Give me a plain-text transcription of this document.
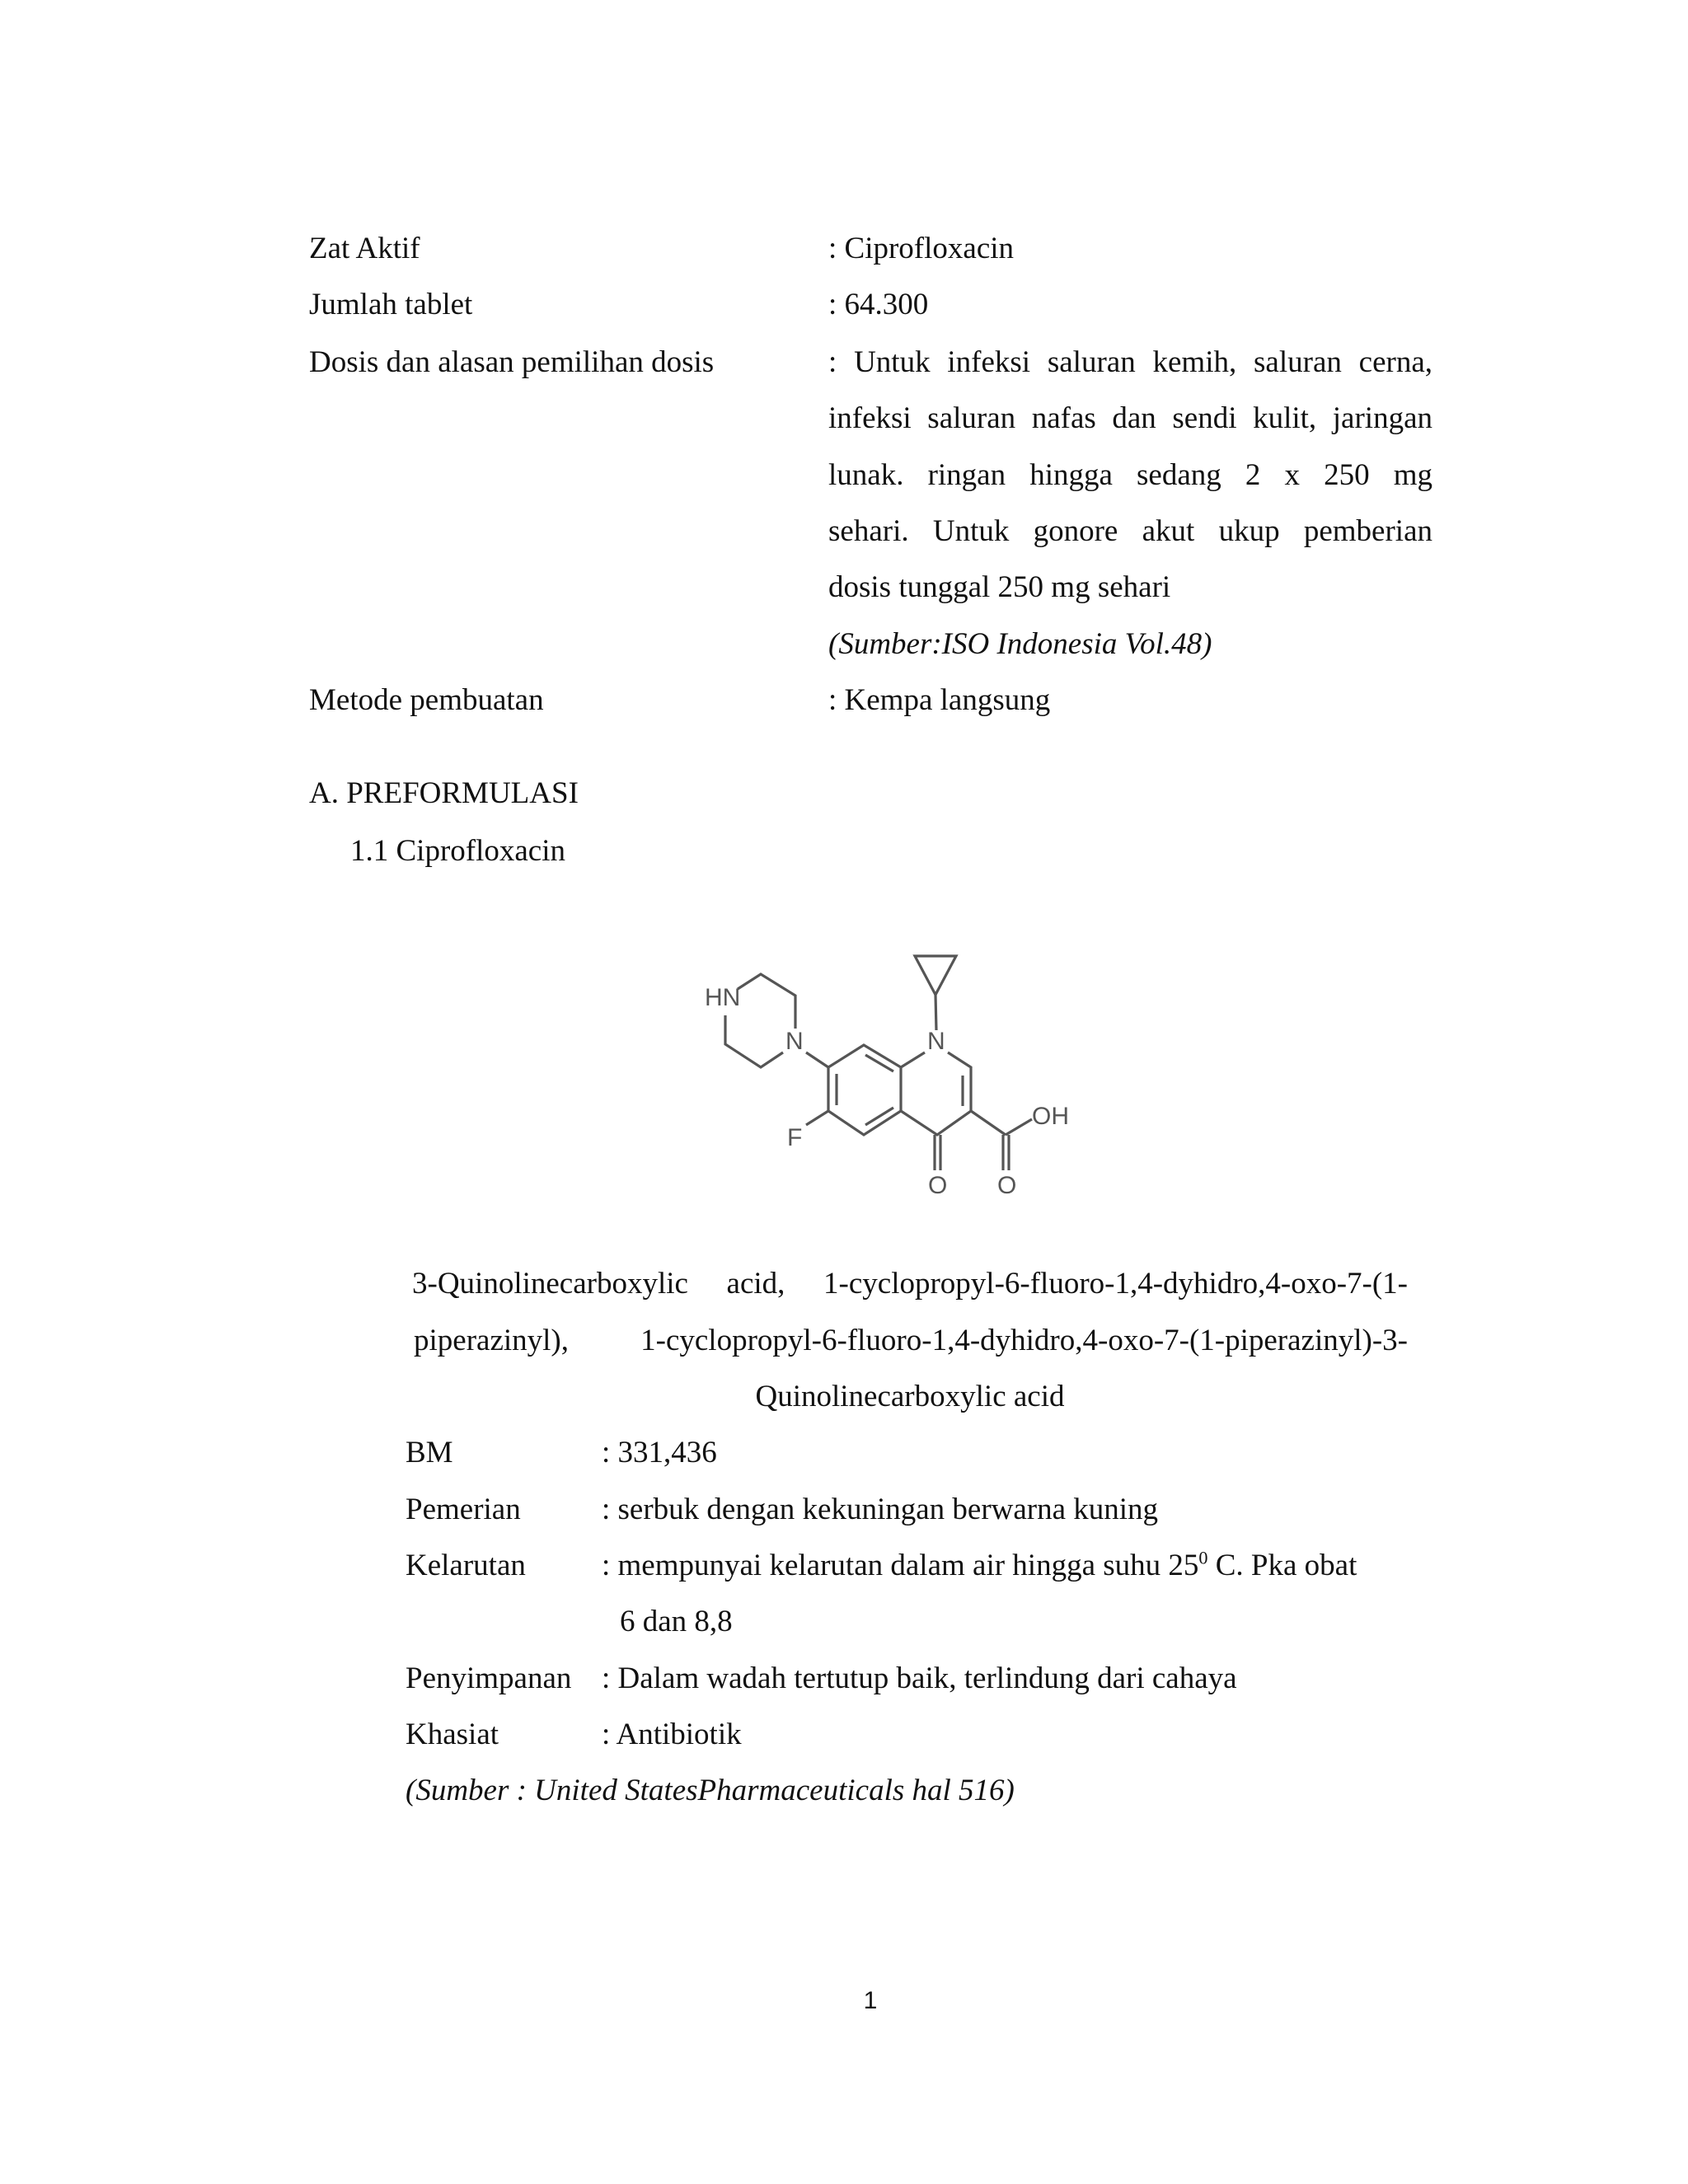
Zat Aktif	: Ciprofloxacin
Jumlah tablet	: 64.300
Dosis dan alasan pemilihan dosis	: Untuk infeksi saluran kemih, saluran cerna,
infeksi saluran nafas dan sendi kulit, jaringan
lunak. ringan hingga sedang 2 x 250 mg
sehari. Untuk gonore akut ukup pemberian
dosis tunggal 250 mg sehari
(Sumber:ISO Indonesia Vol.48)
Metode pembuatan	: Kempa langsung
A. PREFORMULASI
1.1 Ciprofloxacin
HN
N	N
F
O O
OH
3-Quinolinecarboxylic acid, 1-cyclopropyl-6-fluoro-1,4-dyhidro,4-oxo-7-(1-
piperazinyl), 1-cyclopropyl-6-fluoro-1,4-dyhidro,4-oxo-7-(1-piperazinyl)-3-
Quinolinecarboxylic acid
BM	: 331,436
Pemerian	: serbuk dengan kekuningan berwarna kuning
Kelarutan : mempunyai kelarutan dalam air hingga suhu $25^0$ C. Pka obat
6 dan 8,8
Penyimpanan : Dalam wadah tertutup baik, terlindung dari cahaya
Khasiat	: Antibiotik
(Sumber : United StatesPharmaceuticals hal 516)
1
